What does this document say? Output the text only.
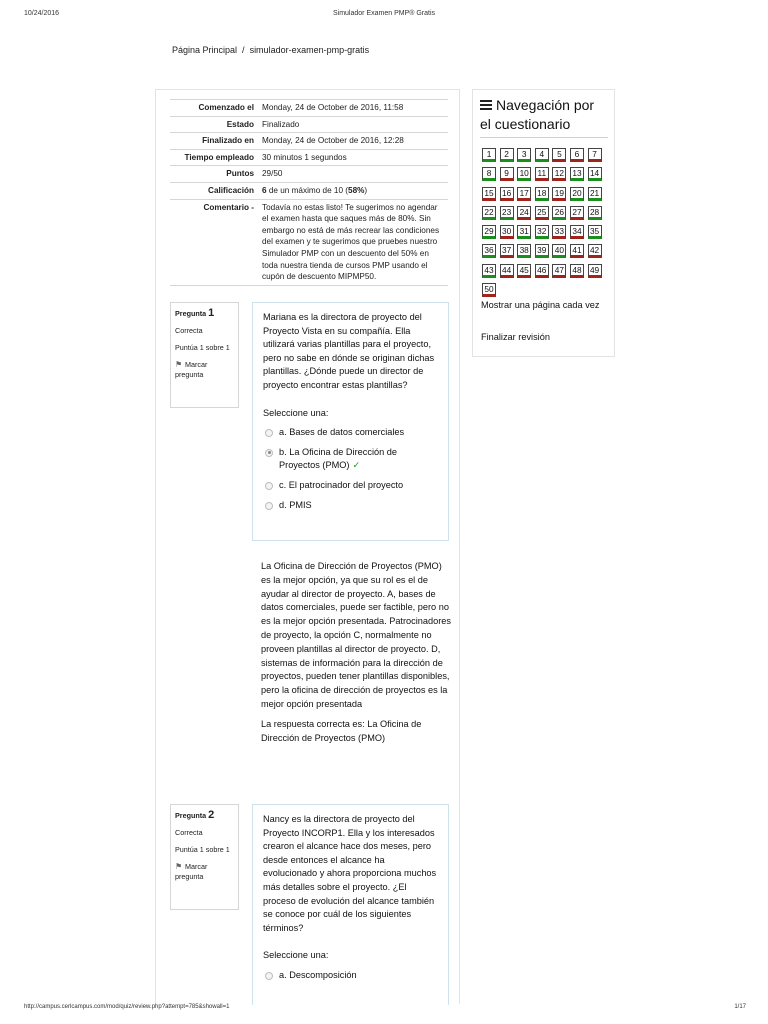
10/24/2016	Simulador Examen PMP® Gratis
Página Principal / simulador-examen-pmp-gratis
Comenzado el	Monday, 24 de October de 2016, 11:58
Estado	Finalizado
Finalizado en	Monday, 24 de October de 2016, 12:28
Tiempo empleado	30 minutos 1 segundos
Puntos	29/50
Calificación	6 de un máximo de 10 (58%)
Comentario -	Todavía no estas listo! Te sugerimos no agendar el examen hasta que saques más de 80%. Sin embargo no está de más recrear las condiciones del examen y te sugerimos que pruebes nuestro Simulador PMP con un descuento del 50% en toda nuestra tienda de cursos PMP usando el cupón de descuento MIPMP50.
Pregunta 1
Correcta
Puntúa 1 sobre 1
⚑ Marcar pregunta
Mariana es la directora de proyecto del Proyecto Vista en su compañía. Ella utilizará varias plantillas para el proyecto, pero no sabe en dónde se originan dichas plantillas. ¿Dónde puede un director de proyecto encontrar estas plantillas?
Seleccione una:
a. Bases de datos comerciales
b. La Oficina de Dirección de Proyectos (PMO) ✓
c. El patrocinador del proyecto
d. PMIS
La Oficina de Dirección de Proyectos (PMO) es la mejor opción, ya que su rol es el de ayudar al director de proyecto. A, bases de datos comerciales, puede ser factible, pero no es la mejor opción presentada. Patrocinadores de proyecto, la opción C, normalmente no proveen plantillas al director de proyecto. D, sistemas de información para la dirección de proyectos, pueden tener plantillas disponibles, pero la oficina de dirección de proyectos es la mejor opción presentada
La respuesta correcta es: La Oficina de Dirección de Proyectos (PMO)
Pregunta 2
Correcta
Puntúa 1 sobre 1
⚑ Marcar pregunta
Nancy es la directora de proyecto del Proyecto INCORP1. Ella y los interesados crearon el alcance hace dos meses, pero desde entonces el alcance ha evolucionado y ahora proporciona muchos más detalles sobre el proyecto. ¿El proceso de evolución del alcance también se conoce por cuál de los siguientes términos?
Seleccione una:
a. Descomposición
Navegación por el cuestionario
1	2	3	4	5	6	7
8	9	10	11	12 13 14
15 16 17 18 19 20 21
22 23 24 25 26 27 28
29 30 31 32 33 34 35
36 37 38 39 40 41 42
43 44 45 46 47 48 49
50
Mostrar una página cada vez
Finalizar revisión
http://campus.cerlcampus.com/mod/quiz/review.php?attempt=785&showall=1	1/17
